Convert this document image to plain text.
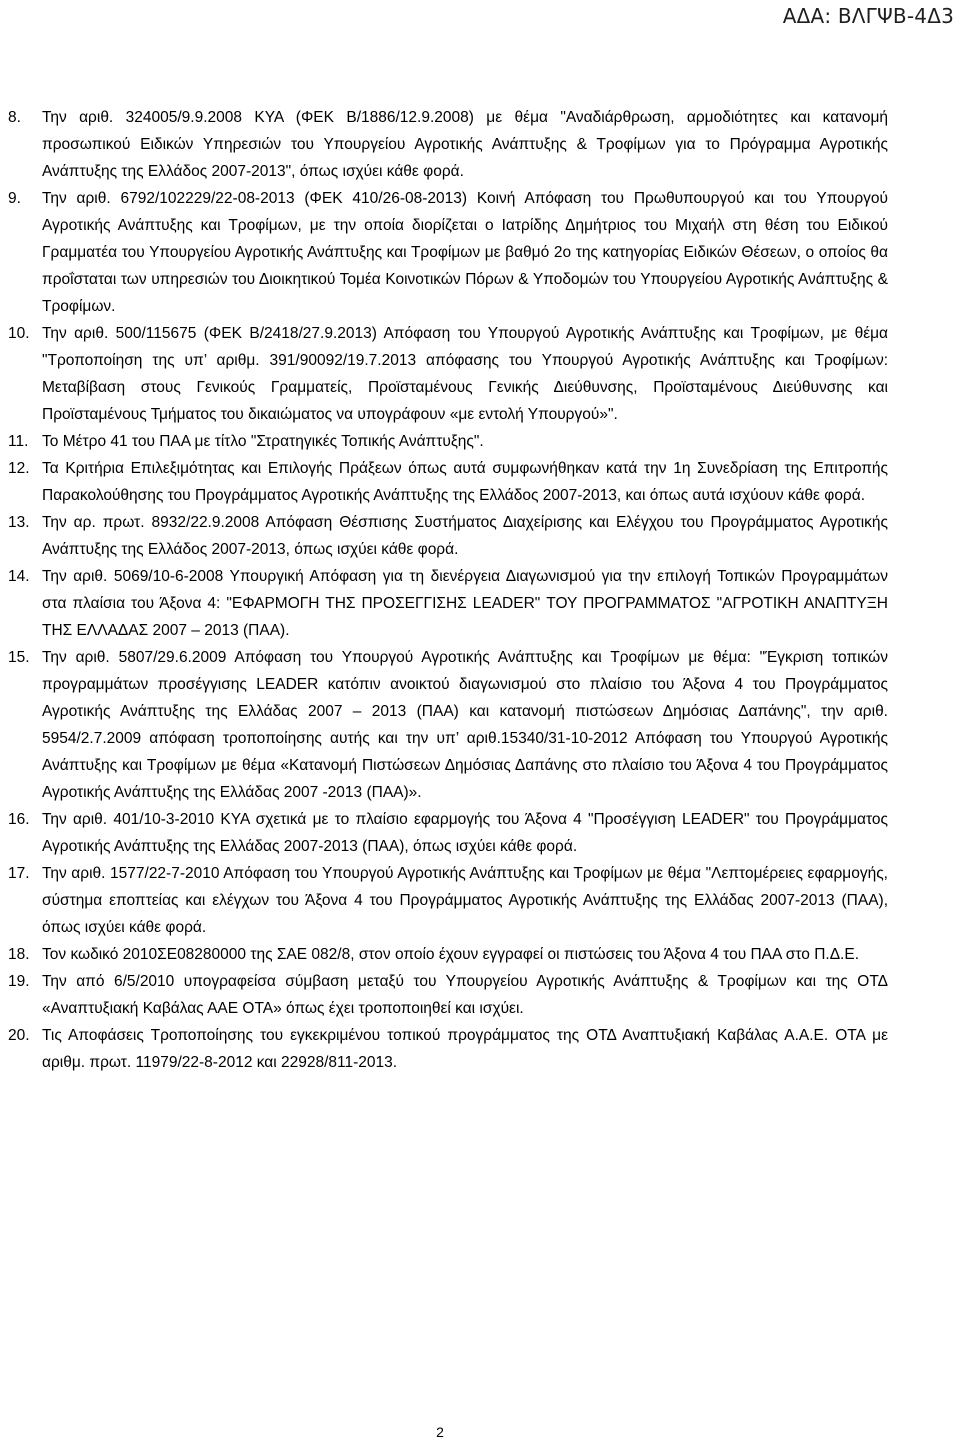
ΑΔΑ: ΒΛΓΨΒ-4Δ3
8.	Την αριθ. 324005/9.9.2008 ΚΥΑ (ΦΕΚ Β/1886/12.9.2008) με θέμα "Αναδιάρθρωση, αρμοδιότητες και κατανομή προσωπικού Ειδικών Υπηρεσιών του Υπουργείου Αγροτικής Ανάπτυξης & Τροφίμων για το Πρόγραμμα Αγροτικής Ανάπτυξης της Ελλάδος 2007-2013", όπως ισχύει κάθε φορά.
9.	Την αριθ. 6792/102229/22-08-2013 (ΦΕΚ 410/26-08-2013) Κοινή Απόφαση του Πρωθυπουργού και του Υπουργού Αγροτικής Ανάπτυξης και Τροφίμων, με την οποία διορίζεται ο Ιατρίδης Δημήτριος του Μιχαήλ στη θέση του Ειδικού Γραμματέα του Υπουργείου Αγροτικής Ανάπτυξης και Τροφίμων με βαθμό 2ο της κατηγορίας Ειδικών Θέσεων, ο οποίος θα προΐσταται των υπηρεσιών του Διοικητικού Τομέα Κοινοτικών Πόρων & Υποδομών του Υπουργείου Αγροτικής Ανάπτυξης & Τροφίμων.
10. Την αριθ. 500/115675 (ΦΕΚ Β/2418/27.9.2013) Απόφαση του Υπουργού Αγροτικής Ανάπτυξης και Τροφίμων, με θέμα "Τροποποίηση της υπ’ αριθμ. 391/90092/19.7.2013 απόφασης του Υπουργού Αγροτικής Ανάπτυξης και Τροφίμων: Μεταβίβαση στους Γενικούς Γραμματείς, Προϊσταμένους Γενικής Διεύθυνσης, Προϊσταμένους Διεύθυνσης και Προϊσταμένους Τμήματος του δικαιώματος να υπογράφουν «με εντολή Υπουργού»".
11. Το Μέτρο 41 του ΠΑΑ με τίτλο "Στρατηγικές Τοπικής Ανάπτυξης".
12. Τα Κριτήρια Επιλεξιμότητας και Επιλογής Πράξεων όπως αυτά συμφωνήθηκαν κατά την 1η Συνεδρίαση της Επιτροπής Παρακολούθησης του Προγράμματος Αγροτικής Ανάπτυξης της Ελλάδος 2007-2013, και όπως αυτά ισχύουν κάθε φορά.
13. Την αρ. πρωτ. 8932/22.9.2008 Απόφαση Θέσπισης Συστήματος Διαχείρισης και Ελέγχου του Προγράμματος Αγροτικής Ανάπτυξης της Ελλάδος 2007-2013, όπως ισχύει κάθε φορά.
14. Την αριθ. 5069/10-6-2008 Υπουργική Απόφαση για τη διενέργεια Διαγωνισμού για την επιλογή Τοπικών Προγραμμάτων στα πλαίσια του Άξονα 4: "ΕΦΑΡΜΟΓΗ ΤΗΣ ΠΡΟΣΕΓΓΙΣΗΣ LEADER" ΤΟΥ ΠΡΟΓΡΑΜΜΑΤΟΣ "ΑΓΡΟΤΙΚΗ ΑΝΑΠΤΥΞΗ ΤΗΣ ΕΛΛΑΔΑΣ 2007 – 2013 (ΠΑΑ).
15. Την αριθ. 5807/29.6.2009 Απόφαση του Υπουργού Αγροτικής Ανάπτυξης και Τροφίμων με θέμα: "Έγκριση τοπικών προγραμμάτων προσέγγισης LEADER κατόπιν ανοικτού διαγωνισμού στο πλαίσιο του Άξονα 4 του Προγράμματος Αγροτικής Ανάπτυξης της Ελλάδας 2007 – 2013 (ΠΑΑ) και κατανομή πιστώσεων Δημόσιας Δαπάνης", την αριθ. 5954/2.7.2009 απόφαση τροποποίησης αυτής και την υπ’ αριθ.15340/31-10-2012 Απόφαση του Υπουργού Αγροτικής Ανάπτυξης και Τροφίμων με θέμα «Κατανομή Πιστώσεων Δημόσιας Δαπάνης στο πλαίσιο του Άξονα 4 του Προγράμματος Αγροτικής Ανάπτυξης της Ελλάδας 2007 -2013 (ΠΑΑ)».
16. Την αριθ. 401/10-3-2010 ΚΥΑ σχετικά με το πλαίσιο εφαρμογής του Άξονα 4 "Προσέγγιση LEADER" του Προγράμματος Αγροτικής Ανάπτυξης της Ελλάδας 2007-2013 (ΠΑΑ), όπως ισχύει κάθε φορά.
17. Την αριθ. 1577/22-7-2010 Απόφαση του Υπουργού Αγροτικής Ανάπτυξης και Τροφίμων με θέμα "Λεπτομέρειες εφαρμογής, σύστημα εποπτείας και ελέγχων του Άξονα 4 του Προγράμματος Αγροτικής Ανάπτυξης της Ελλάδας 2007-2013 (ΠΑΑ), όπως ισχύει κάθε φορά.
18. Τον κωδικό 2010ΣΕ08280000 της ΣΑΕ 082/8, στον οποίο έχουν εγγραφεί οι πιστώσεις του Άξονα 4 του ΠΑΑ στο Π.Δ.Ε.
19. Την από 6/5/2010 υπογραφείσα σύμβαση μεταξύ του Υπουργείου Αγροτικής Ανάπτυξης & Τροφίμων και της ΟΤΔ «Αναπτυξιακή Καβάλας ΑΑΕ ΟΤΑ» όπως έχει τροποποιηθεί και ισχύει.
20. Τις Αποφάσεις Τροποποίησης του εγκεκριμένου τοπικού προγράμματος της ΟΤΔ Αναπτυξιακή Καβάλας Α.Α.Ε. ΟΤΑ με αριθμ. πρωτ. 11979/22-8-2012 και 22928/811-2013.
2
